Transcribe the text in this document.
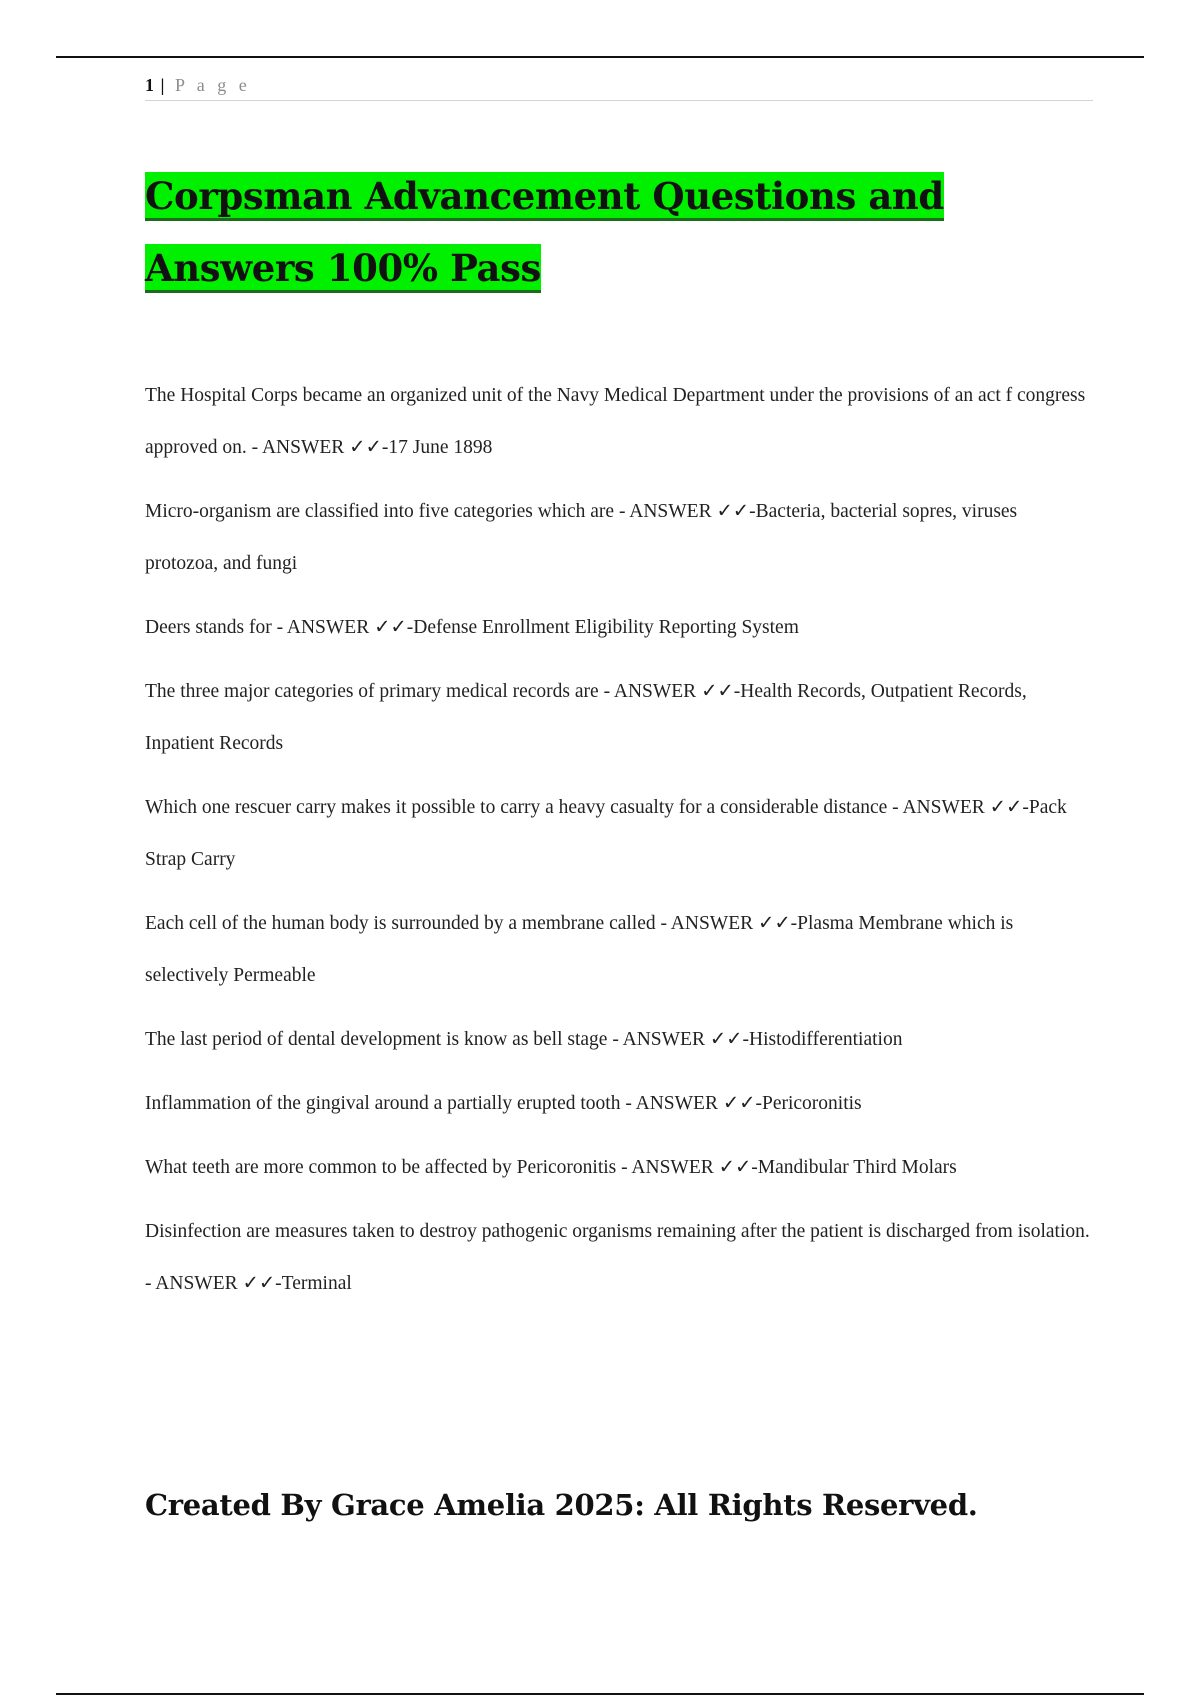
1 | P a g e
Corpsman Advancement Questions and Answers 100% Pass

The Hospital Corps became an organized unit of the Navy Medical Department under the provisions of an act f congress approved on. - ANSWER ✓✓-17 June 1898

Micro-organism are classified into five categories which are - ANSWER ✓✓-Bacteria, bacterial sopres, viruses protozoa, and fungi

Deers stands for - ANSWER ✓✓-Defense Enrollment Eligibility Reporting System

The three major categories of primary medical records are - ANSWER ✓✓-Health Records, Outpatient Records, Inpatient Records

Which one rescuer carry makes it possible to carry a heavy casualty for a considerable distance - ANSWER ✓✓-Pack Strap Carry

Each cell of the human body is surrounded by a membrane called - ANSWER ✓✓-Plasma Membrane which is selectively Permeable

The last period of dental development is know as bell stage - ANSWER ✓✓-Histodifferentiation

Inflammation of the gingival around a partially erupted tooth - ANSWER ✓✓-Pericoronitis

What teeth are more common to be affected by Pericoronitis - ANSWER ✓✓-Mandibular Third Molars

Disinfection are measures taken to destroy pathogenic organisms remaining after the patient is discharged from isolation. - ANSWER ✓✓-Terminal

Created By Grace Amelia 2025: All Rights Reserved.
